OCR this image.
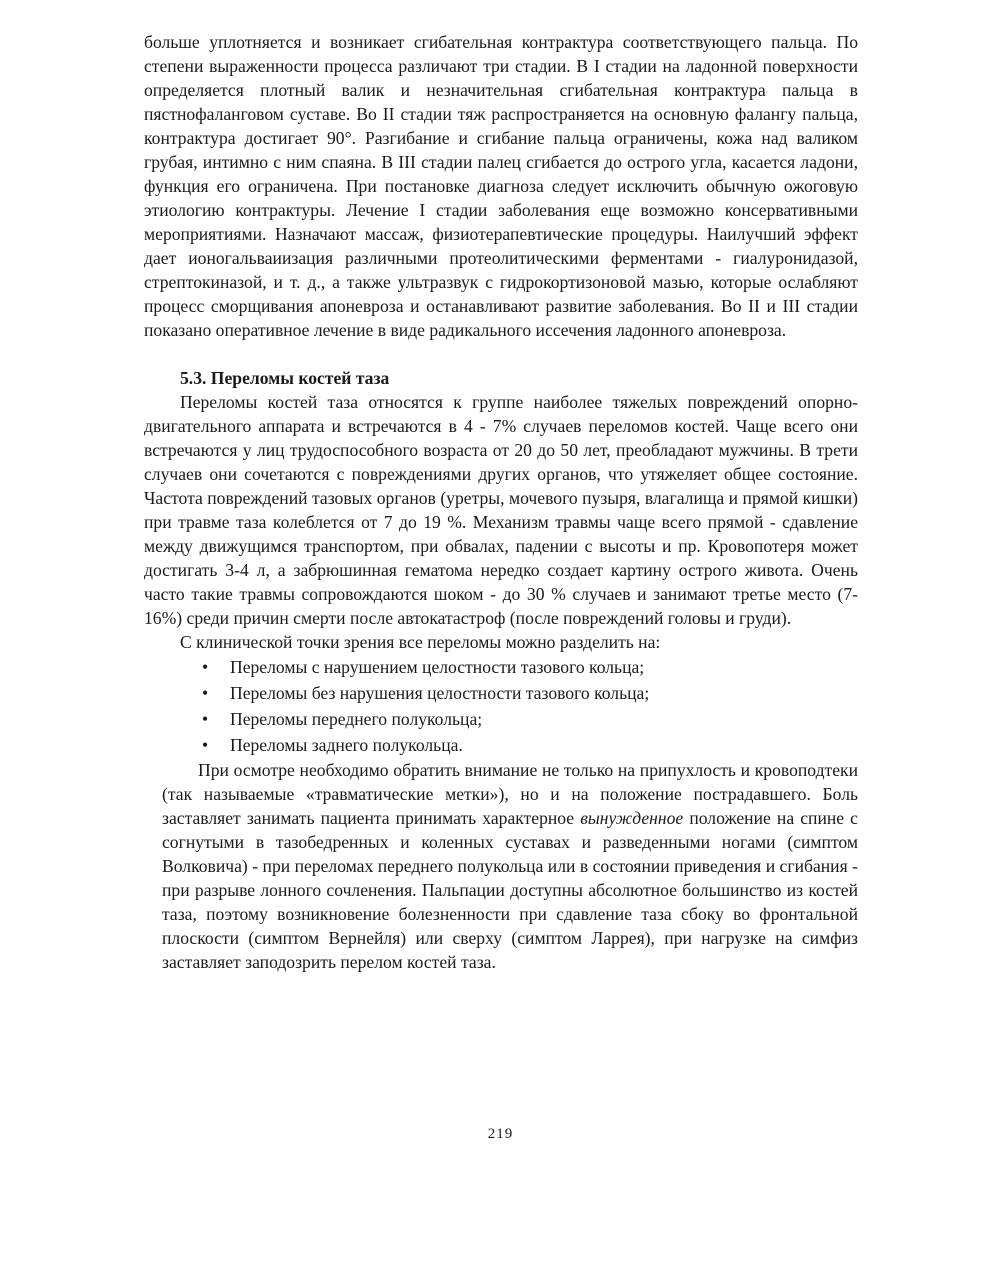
больше уплотняется и возникает сгибательная контрактура соответствующего пальца. По степени выраженности процесса различают три стадии. В I стадии на ладонной поверхности определяется плотный валик и незначительная сгибательная контрактура пальца в пястнофаланговом суставе. Во II стадии тяж распространяется на основную фалангу пальца, контрактура достигает 90°. Разгибание и сгибание пальца ограничены, кожа над валиком грубая, интимно с ним спаяна. В III стадии палец сгибается до острого угла, касается ладони, функция его ограничена. При постановке диагноза следует исключить обычную ожоговую этиологию контрактуры. Лечение I стадии заболевания еще возможно консервативными мероприятиями. Назначают массаж, физиотерапевтические процедуры. Наилучший эффект дает ионогальваиизация различными протеолитическими ферментами - гиалуронидазой, стрептокиназой, и т. д., а также ультразвук с гидрокортизоновой мазью, которые ослабляют процесс сморщивания апоневроза и останавливают развитие заболевания. Во II и III стадии показано оперативное лечение в виде радикального иссечения ладонного апоневроза.

5.3. Переломы костей таза

Переломы костей таза относятся к группе наиболее тяжелых повреждений опорно-двигательного аппарата и встречаются в 4 - 7% случаев переломов костей. Чаще всего они встречаются у лиц трудоспособного возраста от 20 до 50 лет, преобладают мужчины. В трети случаев они сочетаются с повреждениями других органов, что утяжеляет общее состояние. Частота повреждений тазовых органов (уретры, мочевого пузыря, влагалища и прямой кишки) при травме таза колеблется от 7 до 19 %. Механизм травмы чаще всего прямой - сдавление между движущимся транспортом, при обвалах, падении с высоты и пр. Кровопотеря может достигать 3-4 л, а забрюшинная гематома нередко создает картину острого живота. Очень часто такие травмы сопровождаются шоком - до 30 % случаев и занимают третье место (7-16%) среди причин смерти после автокатастроф (после повреждений головы и груди).

С клинической точки зрения все переломы можно разделить на:

• Переломы с нарушением целостности тазового кольца;
• Переломы без нарушения целостности тазового кольца;
• Переломы переднего полукольца;
• Переломы заднего полукольца.

При осмотре необходимо обратить внимание не только на припухлость и кровоподтеки (так называемые «травматические метки»), но и на положение пострадавшего. Боль заставляет занимать пациента принимать характерное вынужденное положение на спине с согнутыми в тазобедренных и коленных суставах и разведенными ногами (симптом Волковича) - при переломах переднего полукольца или в состоянии приведения и сгибания - при разрыве лонного сочленения. Пальпации доступны абсолютное большинство из костей таза, поэтому возникновение болезненности при сдавление таза сбоку во фронтальной плоскости (симптом Вернейля) или сверху (симптом Ларрея), при нагрузке на симфиз заставляет заподозрить перелом костей таза.

219
